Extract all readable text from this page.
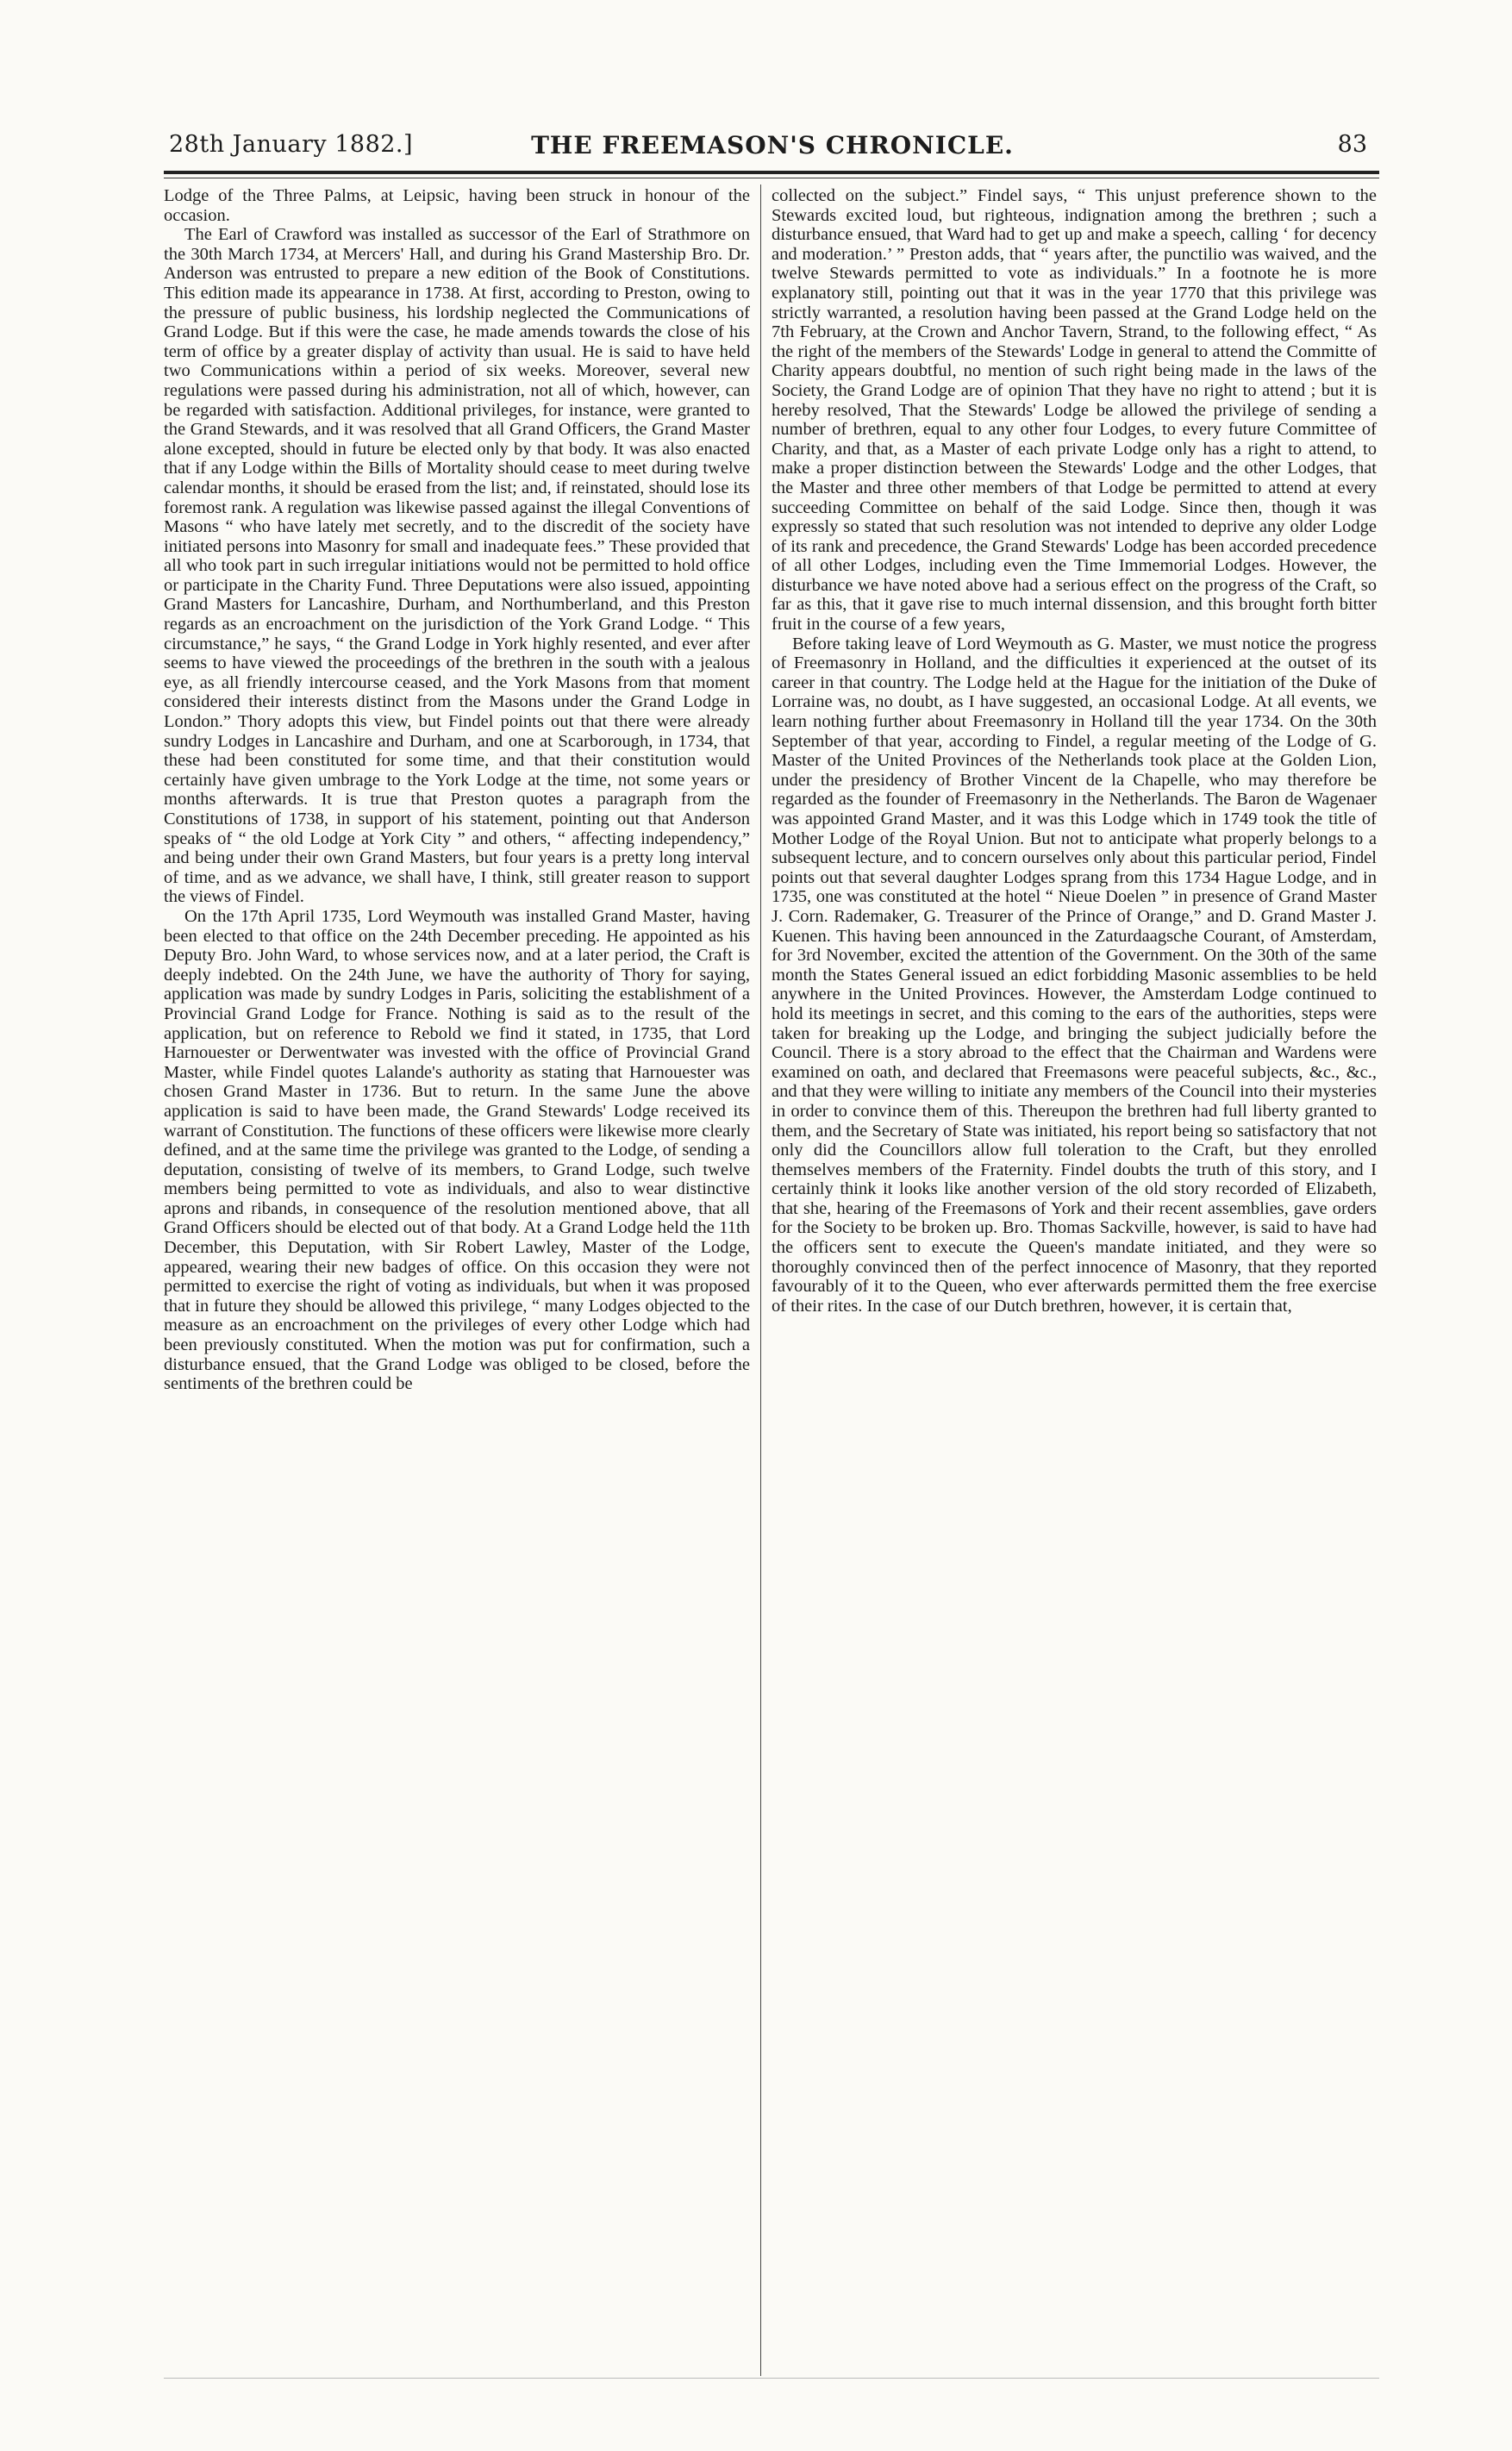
28th January 1882.]	THE FREEMASON'S CHRONICLE.	83

Lodge of the Three Palms, at Leipsic, having been struck in honour of the occasion.

The Earl of Crawford was installed as successor of the Earl of Strathmore on the 30th March 1734, at Mercers' Hall, and during his Grand Mastership Bro. Dr. Anderson was entrusted to prepare a new edition of the Book of Constitutions. This edition made its appearance in 1738. At first, according to Preston, owing to the pressure of public business, his lordship neglected the Communications of Grand Lodge. But if this were the case, he made amends towards the close of his term of office by a greater display of activity than usual. He is said to have held two Communications within a period of six weeks. Moreover, several new regulations were passed during his administration, not all of which, however, can be regarded with satisfaction. Additional privileges, for instance, were granted to the Grand Stewards, and it was resolved that all Grand Officers, the Grand Master alone excepted, should in future be elected only by that body. It was also enacted that if any Lodge within the Bills of Mortality should cease to meet during twelve calendar months, it should be erased from the list; and, if reinstated, should lose its foremost rank. A regulation was likewise passed against the illegal Conventions of Masons “ who have lately met secretly, and to the discredit of the society have initiated persons into Masonry for small and inadequate fees.” These provided that all who took part in such irregular initiations would not be permitted to hold office or participate in the Charity Fund. Three Deputations were also issued, appointing Grand Masters for Lancashire, Durham, and Northumberland, and this Preston regards as an encroachment on the jurisdiction of the York Grand Lodge. “ This circumstance,” he says, “ the Grand Lodge in York highly resented, and ever after seems to have viewed the proceedings of the brethren in the south with a jealous eye, as all friendly intercourse ceased, and the York Masons from that moment considered their interests distinct from the Masons under the Grand Lodge in London.” Thory adopts this view, but Findel points out that there were already sundry Lodges in Lancashire and Durham, and one at Scarborough, in 1734, that these had been constituted for some time, and that their constitution would certainly have given umbrage to the York Lodge at the time, not some years or months afterwards. It is true that Preston quotes a paragraph from the Constitutions of 1738, in support of his statement, pointing out that Anderson speaks of “ the old Lodge at York City ” and others, “ affecting independency,” and being under their own Grand Masters, but four years is a pretty long interval of time, and as we advance, we shall have, I think, still greater reason to support the views of Findel.

On the 17th April 1735, Lord Weymouth was installed Grand Master, having been elected to that office on the 24th December preceding. He appointed as his Deputy Bro. John Ward, to whose services now, and at a later period, the Craft is deeply indebted. On the 24th June, we have the authority of Thory for saying, application was made by sundry Lodges in Paris, soliciting the establishment of a Provincial Grand Lodge for France. Nothing is said as to the result of the application, but on reference to Rebold we find it stated, in 1735, that Lord Harnouester or Derwentwater was invested with the office of Provincial Grand Master, while Findel quotes Lalande's authority as stating that Harnouester was chosen Grand Master in 1736. But to return. In the same June the above application is said to have been made, the Grand Stewards' Lodge received its warrant of Constitution. The functions of these officers were likewise more clearly defined, and at the same time the privilege was granted to the Lodge, of sending a deputation, consisting of twelve of its members, to Grand Lodge, such twelve members being permitted to vote as individuals, and also to wear distinctive aprons and ribands, in consequence of the resolution mentioned above, that all Grand Officers should be elected out of that body. At a Grand Lodge held the 11th December, this Deputation, with Sir Robert Lawley, Master of the Lodge, appeared, wearing their new badges of office. On this occasion they were not permitted to exercise the right of voting as individuals, but when it was proposed that in future they should be allowed this privilege, “ many Lodges objected to the measure as an encroachment on the privileges of every other Lodge which had been previously constituted. When the motion was put for confirmation, such a disturbance ensued, that the Grand Lodge was obliged to be closed, before the sentiments of the brethren could be

collected on the subject.” Findel says, “ This unjust preference shown to the Stewards excited loud, but righteous, indignation among the brethren ; such a disturbance ensued, that Ward had to get up and make a speech, calling ‘ for decency and moderation.’ ” Preston adds, that “ years after, the punctilio was waived, and the twelve Stewards permitted to vote as individuals.” In a footnote he is more explanatory still, pointing out that it was in the year 1770 that this privilege was strictly warranted, a resolution having been passed at the Grand Lodge held on the 7th February, at the Crown and Anchor Tavern, Strand, to the following effect, “ As the right of the members of the Stewards' Lodge in general to attend the Committe of Charity appears doubtful, no mention of such right being made in the laws of the Society, the Grand Lodge are of opinion That they have no right to attend ; but it is hereby resolved, That the Stewards' Lodge be allowed the privilege of sending a number of brethren, equal to any other four Lodges, to every future Committee of Charity, and that, as a Master of each private Lodge only has a right to attend, to make a proper distinction between the Stewards' Lodge and the other Lodges, that the Master and three other members of that Lodge be permitted to attend at every succeeding Committee on behalf of the said Lodge. Since then, though it was expressly so stated that such resolution was not intended to deprive any older Lodge of its rank and precedence, the Grand Stewards' Lodge has been accorded precedence of all other Lodges, including even the Time Immemorial Lodges. However, the disturbance we have noted above had a serious effect on the progress of the Craft, so far as this, that it gave rise to much internal dissension, and this brought forth bitter fruit in the course of a few years,

Before taking leave of Lord Weymouth as G. Master, we must notice the progress of Freemasonry in Holland, and the difficulties it experienced at the outset of its career in that country. The Lodge held at the Hague for the initiation of the Duke of Lorraine was, no doubt, as I have suggested, an occasional Lodge. At all events, we learn nothing further about Freemasonry in Holland till the year 1734. On the 30th September of that year, according to Findel, a regular meeting of the Lodge of G. Master of the United Provinces of the Netherlands took place at the Golden Lion, under the presidency of Brother Vincent de la Chapelle, who may therefore be regarded as the founder of Freemasonry in the Netherlands. The Baron de Wagenaer was appointed Grand Master, and it was this Lodge which in 1749 took the title of Mother Lodge of the Royal Union. But not to anticipate what properly belongs to a subsequent lecture, and to concern ourselves only about this particular period, Findel points out that several daughter Lodges sprang from this 1734 Hague Lodge, and in 1735, one was constituted at the hotel “ Nieue Doelen ” in presence of Grand Master J. Corn. Rademaker, G. Treasurer of the Prince of Orange,” and D. Grand Master J. Kuenen. This having been announced in the Zaturdaagsche Courant, of Amsterdam, for 3rd November, excited the attention of the Government. On the 30th of the same month the States General issued an edict forbidding Masonic assemblies to be held anywhere in the United Provinces. However, the Amsterdam Lodge continued to hold its meetings in secret, and this coming to the ears of the authorities, steps were taken for breaking up the Lodge, and bringing the subject judicially before the Council. There is a story abroad to the effect that the Chairman and Wardens were examined on oath, and declared that Freemasons were peaceful subjects, &c., &c., and that they were willing to initiate any members of the Council into their mysteries in order to convince them of this. Thereupon the brethren had full liberty granted to them, and the Secretary of State was initiated, his report being so satisfactory that not only did the Councillors allow full toleration to the Craft, but they enrolled themselves members of the Fraternity. Findel doubts the truth of this story, and I certainly think it looks like another version of the old story recorded of Elizabeth, that she, hearing of the Freemasons of York and their recent assemblies, gave orders for the Society to be broken up. Bro. Thomas Sackville, however, is said to have had the officers sent to execute the Queen's mandate initiated, and they were so thoroughly convinced then of the perfect innocence of Masonry, that they reported favourably of it to the Queen, who ever afterwards permitted them the free exercise of their rites. In the case of our Dutch brethren, however, it is certain that,
